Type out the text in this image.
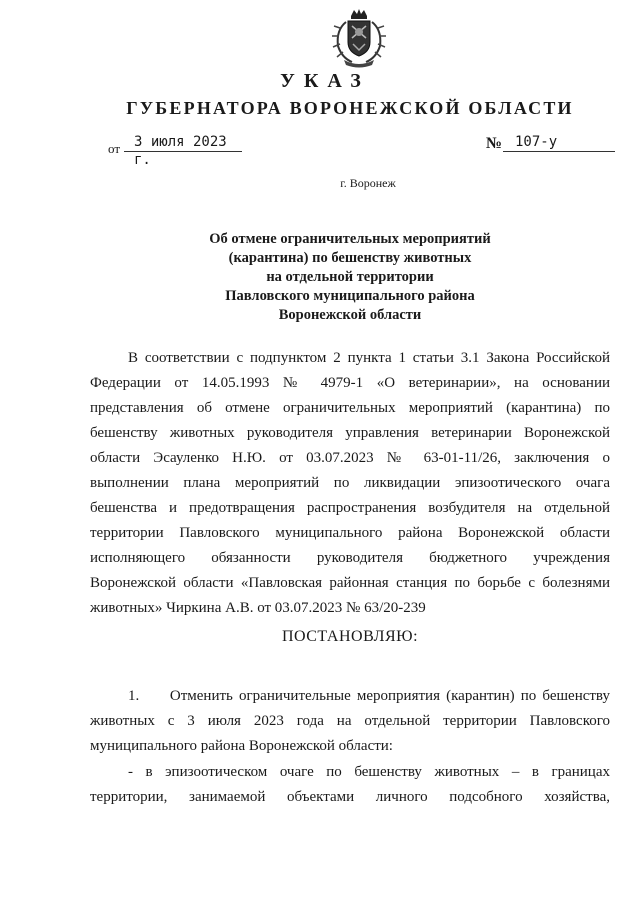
УКАЗ
ГУБЕРНАТОРА ВОРОНЕЖСКОЙ ОБЛАСТИ
от 3 июля 2023 г.
№ 107-у
г. Воронеж
Об отмене ограничительных мероприятий
(карантина) по бешенству животных
на отдельной территории
Павловского муниципального района
Воронежской области
В соответствии с подпунктом 2 пункта 1 статьи 3.1 Закона Российской
Федерации от 14.05.1993 № 4979-1 «О ветеринарии», на основании
представления об отмене ограничительных мероприятий (карантина) по
бешенству животных руководителя управления ветеринарии Воронежской
области Эсауленко Н.Ю. от 03.07.2023 № 63-01-11/26, заключения о
выполнении плана мероприятий по ликвидации эпизоотического очага
бешенства и предотвращения распространения возбудителя на отдельной
территории Павловского муниципального района Воронежской области
исполняющего обязанности руководителя бюджетного учреждения
Воронежской области «Павловская районная станция по борьбе с болезнями
животных» Чиркина А.В. от 03.07.2023 № 63/20-239
ПОСТАНОВЛЯЮ:
1.     Отменить ограничительные мероприятия (карантин) по бешенству
животных с 3 июля 2023 года на отдельной территории Павловского
муниципального района Воронежской области:
- в эпизоотическом очаге по бешенству животных – в границах
территории, занимаемой объектами личного подсобного хозяйства,
